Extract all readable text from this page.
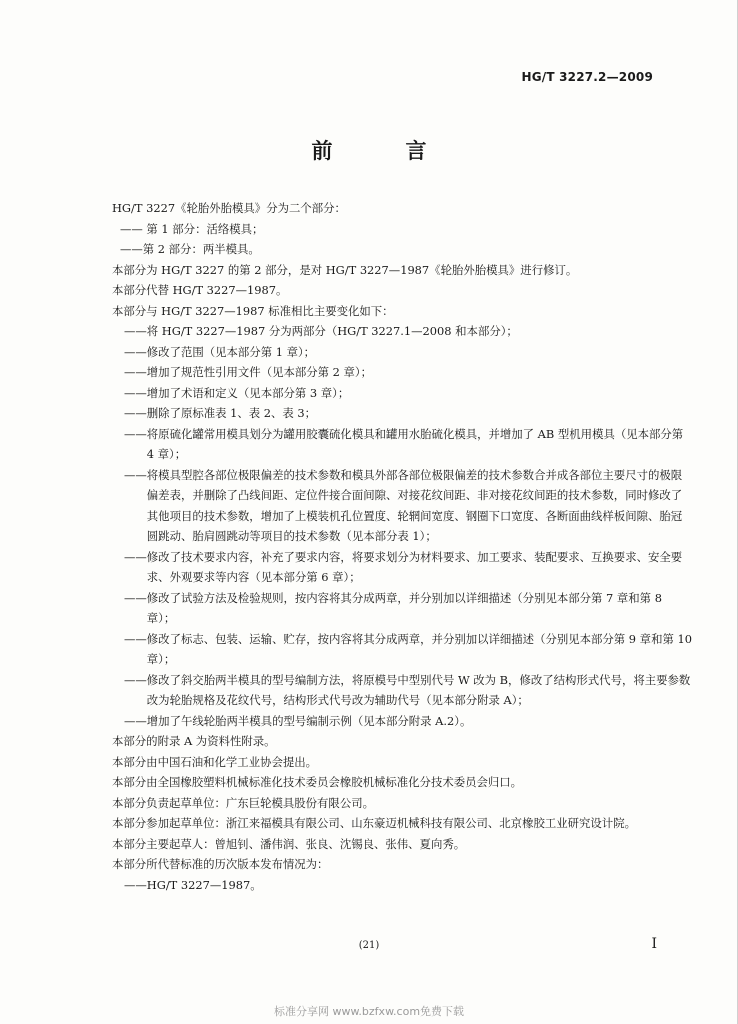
HG/T 3227.2—2009
前　言
HG/T 3227《轮胎外胎模具》分为二个部分：
—— 第 1 部分：活络模具；
——第 2 部分：两半模具。
本部分为 HG/T 3227 的第 2 部分，是对 HG/T 3227—1987《轮胎外胎模具》进行修订。
本部分代替 HG/T 3227—1987。
本部分与 HG/T 3227—1987 标准相比主要变化如下：
——将 HG/T 3227—1987 分为两部分（HG/T 3227.1—2008 和本部分）；
——修改了范围（见本部分第 1 章）；
——增加了规范性引用文件（见本部分第 2 章）；
——增加了术语和定义（见本部分第 3 章）；
——删除了原标准表 1、表 2、表 3；
—— 将原硫化罐常用模具划分为罐用胶囊硫化模具和罐用水胎硫化模具，并增加了 AB 型机用模具（见本部分第 4 章）；
—— 将模具型腔各部位极限偏差的技术参数和模具外部各部位极限偏差的技术参数合并成各部位主要尺寸的极限偏差表，并删除了凸线间距、定位件接合面间隙、对接花纹间距、非对接花纹间距的技术参数，同时修改了其他项目的技术参数，增加了上模装机孔位置度、轮辋间宽度、钢圈下口宽度、各断面曲线样板间隙、胎冠圆跳动、胎肩圆跳动等项目的技术参数（见本部分表 1）；
—— 修改了技术要求内容，补充了要求内容，将要求划分为材料要求、加工要求、装配要求、互换要求、安全要求、外观要求等内容（见本部分第 6 章）；
—— 修改了试验方法及检验规则，按内容将其分成两章，并分别加以详细描述（分别见本部分第 7 章和第 8 章）；
—— 修改了标志、包装、运输、贮存，按内容将其分成两章，并分别加以详细描述（分别见本部分第 9 章和第 10 章）；
—— 修改了斜交胎两半模具的型号编制方法，将原模号中型别代号 W 改为 B，修改了结构形式代号，将主要参数改为轮胎规格及花纹代号，结构形式代号改为辅助代号（见本部分附录 A）；
—— 增加了午线轮胎两半模具的型号编制示例（见本部分附录 A.2）。
本部分的附录 A 为资料性附录。
本部分由中国石油和化学工业协会提出。
本部分由全国橡胶塑料机械标准化技术委员会橡胶机械标准化分技术委员会归口。
本部分负责起草单位：广东巨轮模具股份有限公司。
本部分参加起草单位：浙江来福模具有限公司、山东豪迈机械科技有限公司、北京橡胶工业研究设计院。
本部分主要起草人：曾旭钊、潘伟润、张良、沈锡良、张伟、夏向秀。
本部分所代替标准的历次版本发布情况为：
——HG/T 3227—1987。
(21)	I
标准分享网 www.bzfxw.com免费下载
